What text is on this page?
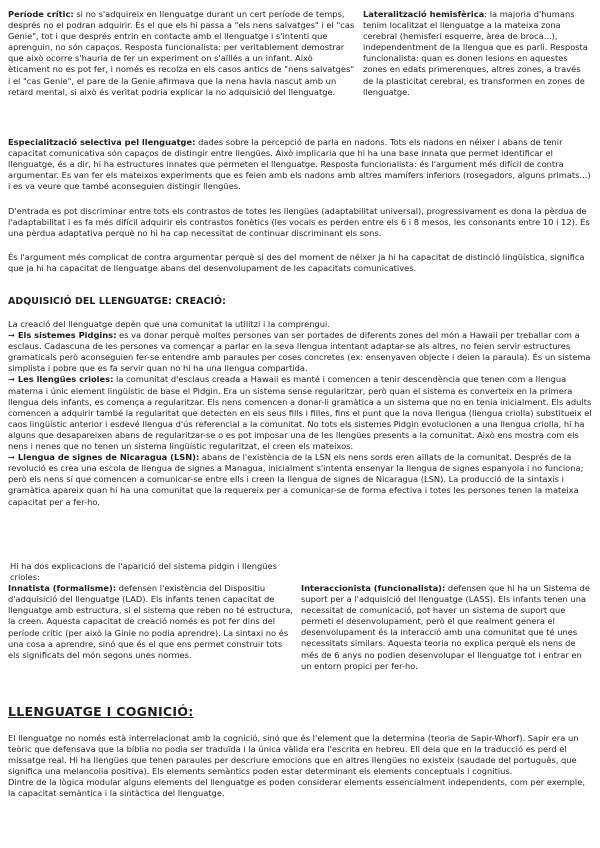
Període crític: si no s'adquireix en llenguatge durant un cert període de temps, després no el podran adquirir. És el que els hi passa a "els nens salvatges" i el "cas Genie", tot i que després entrin en contacte amb el llenguatge i s'intenti que aprenguin, no són capaços. Resposta funcionalista: per veritablement demostrar que això ocorre s'hauria de fer un experiment on s'aïllés a un infant. Això èticament no es pot fer, i només es recolza en els casos antics de "nens salvatges" i el "cas Genie", el pare de la Genie afirmava que la nena havia nascut amb un retard mental, si això és veritat podria explicar la no adquisició del llenguatge.

Lateralització hemisfèrica: la majoria d'humans tenim localitzat el llenguatge a la mateixa zona cerebral (hemisferi esquerre, àrea de broca...), independentment de la llengua que es parli. Resposta funcionalista: quan es donen lesions en aquestes zones en edats primerenques, altres zones, a través de la plasticitat cerebral, es transformen en zones de llenguatge.

Especialització selectiva pel llenguatge: dades sobre la percepció de parla en nadons. Tots els nadons en néixer i abans de tenir capacitat comunicativa són capaços de distingir entre llengües. Això implicaria que hi ha una base innata que permet identificar el llenguatge, és a dir, hi ha estructures innates que permeten el llenguatge. Resposta funcionalista: és l'argument més difícil de contra argumentar. Es van fer els mateixos experiments que es feien amb els nadons amb altres mamífers inferiors (rosegadors, alguns primats...) i es va veure que també aconseguien distingir llengües.

D'entrada es pot discriminar entre tots els contrastos de totes les llengües (adaptabilitat universal), progressivament es dona la pèrdua de l'adaptabilitat i es fa més difícil adquirir els contrastos fonètics (les vocals es perden entre els 6 i 8 mesos, les consonants entre 10 i 12). És una pèrdua adaptativa perquè no hi ha cap necessitat de continuar discriminant els sons.
És l'argument més complicat de contra argumentar perquè si des del moment de néixer ja hi ha capacitat de distinció lingüística, significa que ja hi ha capacitat de llenguatge abans del desenvolupament de les capacitats comunicatives.
ADQUISICIÓ DEL LLENGUATGE: CREACIÓ:

La creació del llenguatge depèn que una comunitat la utilitzi i la comprengui.

➞ Els sistemes Pidgins: es va donar perquè moltes persones van ser portades de diferents zones del món a Hawaii per treballar com a esclaus. Cadascuna de les persones va començar a parlar en la seva llengua intentant adaptar-se als altres, no feien servir estructures gramaticals però aconseguien fer-se entendre amb paraules per coses concretes (ex: ensenyaven objecte i deien la paraula). És un sistema simplista i pobre que es fa servir quan no hi ha una llengua compartida.

➞ Les llengües crioles: la comunitat d'esclaus creada a Hawaii es manté i comencen a tenir descendència que tenen com a llengua materna i únic element lingüístic de base el Pidgin. Era un sistema sense regularitzar, però quan el sistema es converteix en la primera llengua dels infants, es comença a regularitzar. Els nens comencen a donar-li gramàtica a un sistema que no en tenia inicialment. Els adults comencen a adquirir també la regularitat que detecten en els seus fills i filles, fins el punt que la nova llengua (llengua criolla) substitueix el caos lingüístic anterior i esdevé llengua d'ús referencial a la comunitat. No tots els sistemes Pidgin evolucionen a una llengua criolla, hi ha alguns que desapareixen abans de regularitzar-se o es pot imposar una de les llengües presents a la comunitat. Això ens mostra com els nens i nenes que no tenen un sistema lingüístic regularitzat, el creen els mateixos.

➞ Llengua de signes de Nicaragua (LSN): abans de l'existència de la LSN els nens sords eren aïllats de la comunitat. Després de la revolució es crea una escola de llengua de signes a Managua, inicialment s'intenta ensenyar la llengua de signes espanyola i no funciona; però els nens sí que comencen a comunicar-se entre ells i creen la llengua de signes de Nicaragua (LSN). La producció de la sintaxis i gramàtica apareix quan hi ha una comunitat que la requereix per a comunicar-se de forma efectiva i totes les persones tenen la mateixa capacitat per a fer-ho.

Hi ha dos explicacions de l'aparició del sistema pidgin i llengües crioles:

Innatista (formalisme): defensen l'existència del Dispositiu d'adquisició del llenguatge (LAD). Els infants tenen capacitat de llenguatge amb estructura, si el sistema que reben no té estructura, la creen. Aquesta capacitat de creació només es pot fer dins del període crític (per això la Ginie no podia aprendre). La sintaxi no és una cosa a aprendre, sinó que és el que ens permet construir tots els significats del món segons unes normes.

Interaccionista (funcionalista): defensen que hi ha un Sistema de suport per a l'adquisició del llenguatge (LASS). Els infants tenen una necessitat de comunicació, pot haver un sistema de suport que permeti el desenvolupament, però el que realment genera el desenvolupament és la interacció amb una comunitat que té unes necessitats similars. Aquesta teoria no explica perquè els nens de més de 6 anys no podien desenvolupar el llenguatge tot i entrar en un entorn propici per fer-ho.

LLENGUATGE I COGNICIÓ:

El llenguatge no només està interrelacionat amb la cognició, sinó que és l'element que la determina (teoria de Sapir-Whorf). Sapir era un teòric que defensava que la bíblia no podia ser traduïda i la única vàlida era l'escrita en hebreu. Ell deia que en la traducció es perd el missatge real. Hi ha llengües que tenen paraules per descriure emocions que en altres llengües no existeix (saudade del portuguès, que significa una melancolia positiva). Els elements semàntics poden estar determinant els elements conceptuals i cognitius.

Dintre de la lògica modular alguns elements del llenguatge es poden considerar elements essencialment independents, com per exemple, la capacitat semàntica i la sintàctica del llenguatge.
